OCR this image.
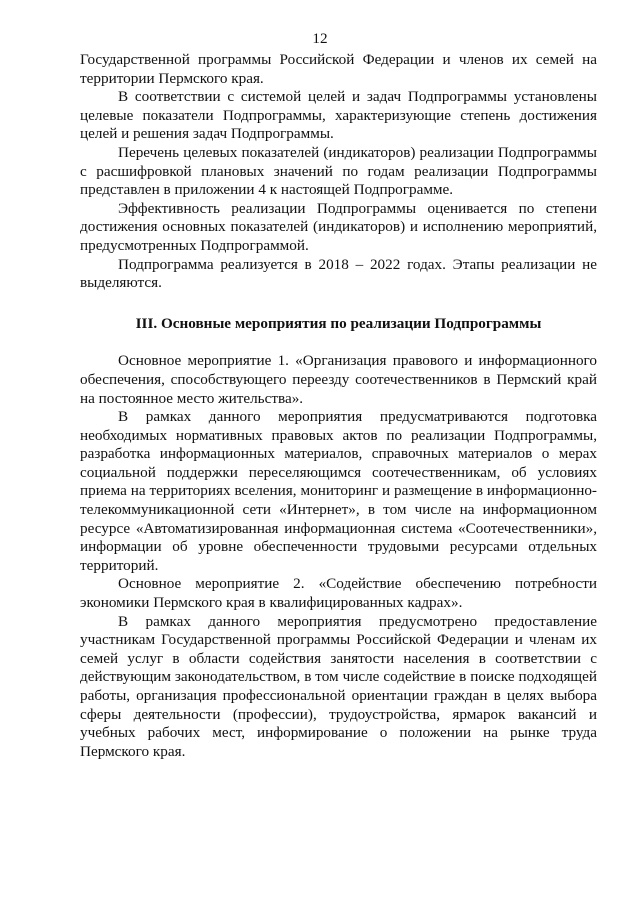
12

Государственной программы Российской Федерации и членов их семей на территории Пермского края.

В соответствии с системой целей и задач Подпрограммы установлены целевые показатели Подпрограммы, характеризующие степень достижения целей и решения задач Подпрограммы.

Перечень целевых показателей (индикаторов) реализации Подпрограммы с расшифровкой плановых значений по годам реализации Подпрограммы представлен в приложении 4 к настоящей Подпрограмме.

Эффективность реализации Подпрограммы оценивается по степени достижения основных показателей (индикаторов) и исполнению мероприятий, предусмотренных Подпрограммой.

Подпрограмма реализуется в 2018 – 2022 годах. Этапы реализации не выделяются.

III. Основные мероприятия по реализации Подпрограммы

Основное мероприятие 1. «Организация правового и информационного обеспечения, способствующего переезду соотечественников в Пермский край на постоянное место жительства».

В рамках данного мероприятия предусматриваются подготовка необходимых нормативных правовых актов по реализации Подпрограммы, разработка информационных материалов, справочных материалов о мерах социальной поддержки переселяющимся соотечественникам, об условиях приема на территориях вселения, мониторинг и размещение в информационно-телекоммуникационной сети «Интернет», в том числе на информационном ресурсе «Автоматизированная информационная система «Соотечественники», информации об уровне обеспеченности трудовыми ресурсами отдельных территорий.

Основное мероприятие 2. «Содействие обеспечению потребности экономики Пермского края в квалифицированных кадрах».

В рамках данного мероприятия предусмотрено предоставление участникам Государственной программы Российской Федерации и членам их семей услуг в области содействия занятости населения в соответствии с действующим законодательством, в том числе содействие в поиске подходящей работы, организация профессиональной ориентации граждан в целях выбора сферы деятельности (профессии), трудоустройства, ярмарок вакансий и учебных рабочих мест, информирование о положении на рынке труда Пермского края.
